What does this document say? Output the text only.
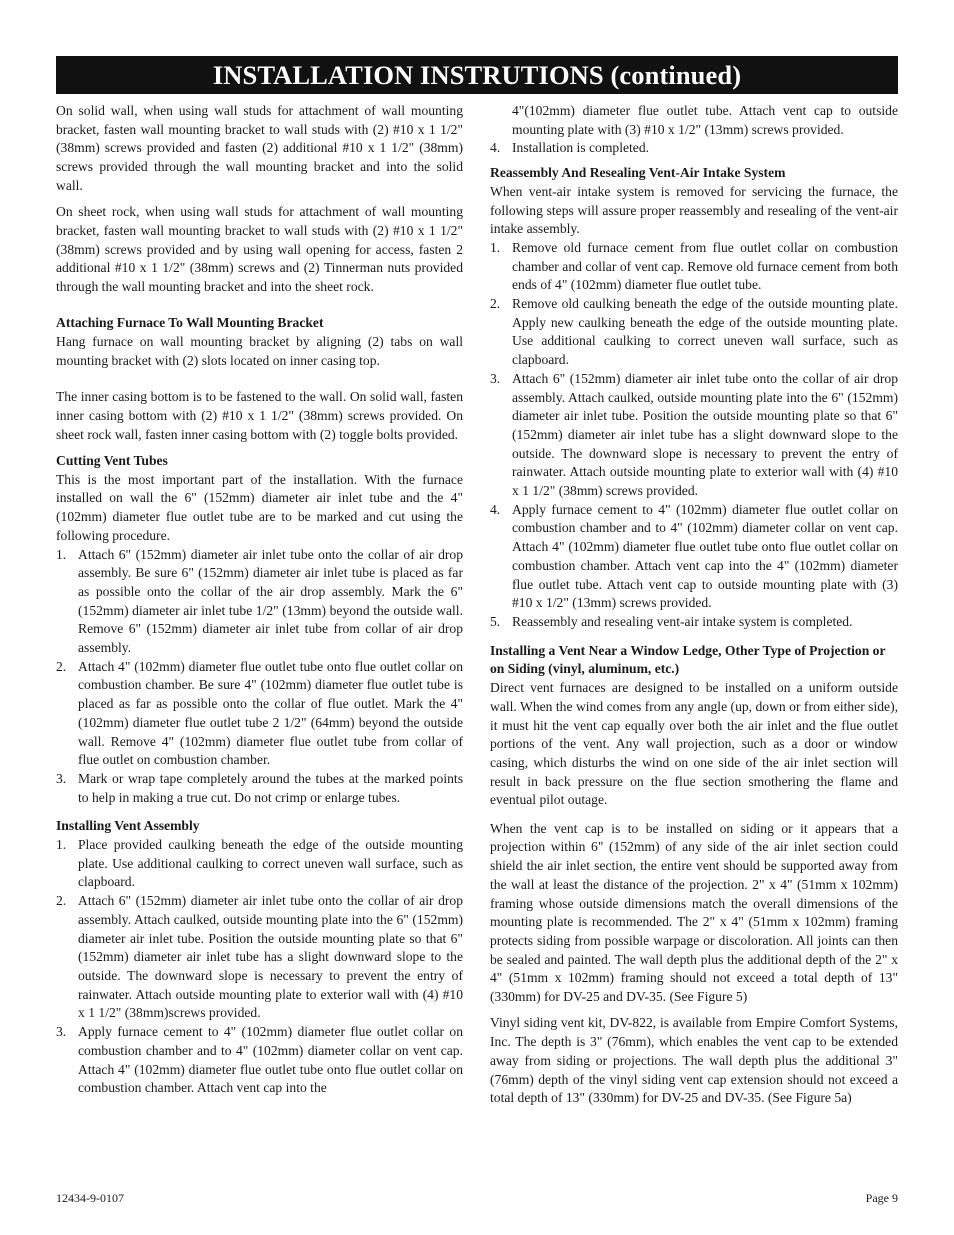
INSTALLATION INSTRUTIONS (continued)

On solid wall, when using wall studs for attachment of wall mounting bracket, fasten wall mounting bracket to wall studs with (2) #10 x 1 1/2" (38mm) screws provided and fasten (2) additional #10 x 1 1/2" (38mm) screws provided through the wall mounting bracket and into the solid wall.

On sheet rock, when using wall studs for attachment of wall mounting bracket, fasten wall mounting bracket to wall studs with (2) #10 x 1 1/2" (38mm) screws provided and by using wall opening for access, fasten 2 additional #10 x 1 1/2" (38mm) screws and (2) Tinnerman nuts provided through the wall mounting bracket and into the sheet rock.

Attaching Furnace To Wall Mounting Bracket

Hang furnace on wall mounting bracket by aligning (2) tabs on wall mounting bracket with (2) slots located on inner casing top.

The inner casing bottom is to be fastened to the wall. On solid wall, fasten inner casing bottom with (2) #10 x 1 1/2" (38mm) screws provided. On sheet rock wall, fasten inner casing bottom with (2) toggle bolts provided.

Cutting Vent Tubes

This is the most important part of the installation. With the furnace installed on wall the 6" (152mm) diameter air inlet tube and the 4" (102mm) diameter flue outlet tube are to be marked and cut using the following procedure.

1. Attach 6" (152mm) diameter air inlet tube onto the collar of air drop assembly. Be sure 6" (152mm) diameter air inlet tube is placed as far as possible onto the collar of the air drop assembly. Mark the 6" (152mm) diameter air inlet tube 1/2" (13mm) beyond the outside wall. Remove 6" (152mm) diameter air inlet tube from collar of air drop assembly.
2. Attach 4" (102mm) diameter flue outlet tube onto flue outlet collar on combustion chamber. Be sure 4" (102mm) diameter flue outlet tube is placed as far as possible onto the collar of flue outlet. Mark the 4" (102mm) diameter flue outlet tube 2 1/2" (64mm) beyond the outside wall. Remove 4" (102mm) diameter flue outlet tube from collar of flue outlet on combustion chamber.
3. Mark or wrap tape completely around the tubes at the marked points to help in making a true cut. Do not crimp or enlarge tubes.
Installing Vent Assembly
1. Place provided caulking beneath the edge of the outside mounting plate. Use additional caulking to correct uneven wall surface, such as clapboard.
2. Attach 6" (152mm) diameter air inlet tube onto the collar of air drop assembly. Attach caulked, outside mounting plate into the 6" (152mm) diameter air inlet tube. Position the outside mounting plate so that 6" (152mm) diameter air inlet tube has a slight downward slope to the outside. The downward slope is necessary to prevent the entry of rainwater. Attach outside mounting plate to exterior wall with (4) #10 x 1 1/2" (38mm)screws provided.
3. Apply furnace cement to 4" (102mm) diameter flue outlet collar on combustion chamber and to 4" (102mm) diameter collar on vent cap. Attach 4" (102mm) diameter flue outlet tube onto flue outlet collar on combustion chamber. Attach vent cap into the

4"(102mm) diameter flue outlet tube. Attach vent cap to outside mounting plate with (3) #10 x 1/2" (13mm) screws provided.

4. Installation is completed.
Reassembly And Resealing Vent-Air Intake System

When vent-air intake system is removed for servicing the furnace, the following steps will assure proper reassembly and resealing of the vent-air intake assembly.

1. Remove old furnace cement from flue outlet collar on combustion chamber and collar of vent cap. Remove old furnace cement from both ends of 4" (102mm) diameter flue outlet tube.
2. Remove old caulking beneath the edge of the outside mounting plate. Apply new caulking beneath the edge of the outside mounting plate. Use additional caulking to correct uneven wall surface, such as clapboard.
3. Attach 6" (152mm) diameter air inlet tube onto the collar of air drop assembly. Attach caulked, outside mounting plate into the 6" (152mm) diameter air inlet tube. Position the outside mounting plate so that 6" (152mm) diameter air inlet tube has a slight downward slope to the outside. The downward slope is necessary to prevent the entry of rainwater. Attach outside mounting plate to exterior wall with (4) #10 x 1 1/2" (38mm) screws provided.
4. Apply furnace cement to 4" (102mm) diameter flue outlet collar on combustion chamber and to 4" (102mm) diameter collar on vent cap. Attach 4" (102mm) diameter flue outlet tube onto flue outlet collar on combustion chamber. Attach vent cap into the 4" (102mm) diameter flue outlet tube. Attach vent cap to outside mounting plate with (3) #10 x 1/2" (13mm) screws provided.
5. Reassembly and resealing vent-air intake system is completed.
Installing a Vent Near a Window Ledge, Other Type of Projection or on Siding (vinyl, aluminum, etc.)

Direct vent furnaces are designed to be installed on a uniform outside wall. When the wind comes from any angle (up, down or from either side), it must hit the vent cap equally over both the air inlet and the flue outlet portions of the vent. Any wall projection, such as a door or window casing, which disturbs the wind on one side of the air inlet section will result in back pressure on the flue section smothering the flame and eventual pilot outage.

When the vent cap is to be installed on siding or it appears that a projection within 6" (152mm) of any side of the air inlet section could shield the air inlet section, the entire vent should be supported away from the wall at least the distance of the projection. 2" x 4" (51mm x 102mm) framing whose outside dimensions match the overall dimensions of the mounting plate is recommended. The 2" x 4" (51mm x 102mm) framing protects siding from possible warpage or discoloration. All joints can then be sealed and painted. The wall depth plus the additional depth of the 2" x 4" (51mm x 102mm) framing should not exceed a total depth of 13" (330mm) for DV-25 and DV-35. (See Figure 5)

Vinyl siding vent kit, DV-822, is available from Empire Comfort Systems, Inc. The depth is 3" (76mm), which enables the vent cap to be extended away from siding or projections. The wall depth plus the additional 3" (76mm) depth of the vinyl siding vent cap extension should not exceed a total depth of 13" (330mm) for DV-25 and DV-35. (See Figure 5a)

12434-9-0107	Page 9
